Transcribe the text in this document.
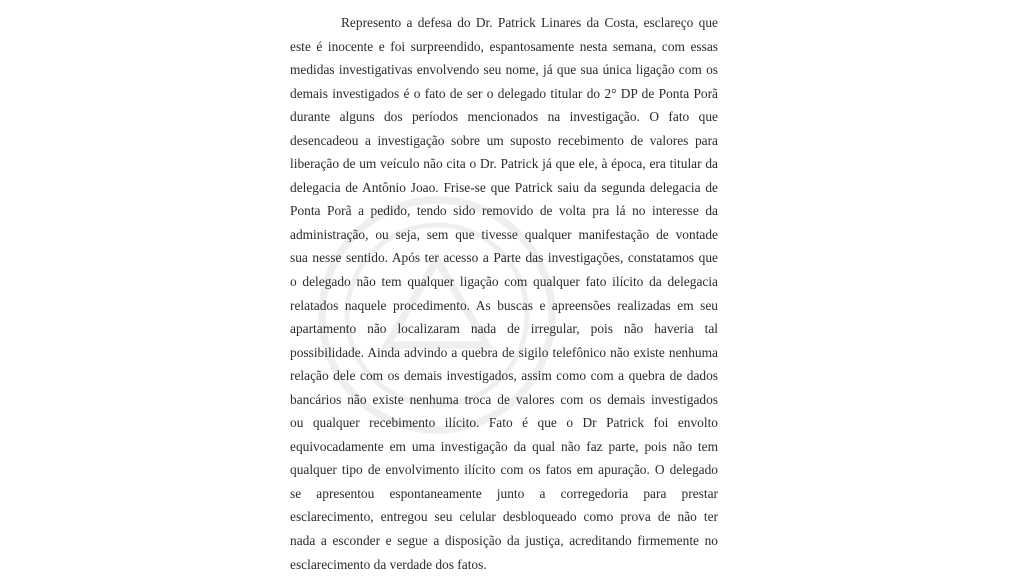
Represento a defesa do Dr. Patrick Linares da Costa, esclareço que
este é inocente e foi surpreendido, espantosamente nesta semana, com essas
medidas investigativas envolvendo seu nome, já que sua única ligação com os
demais investigados é o fato de ser o delegado titular do 2° DP de Ponta Porã
durante alguns dos períodos mencionados na investigação. O fato que
desencadeou a investigação sobre um suposto recebimento de valores para
liberação de um veículo não cita o Dr. Patrick já que ele, à época, era titular da
delegacia de Antônio Joao. Frise-se que Patrick saiu da segunda delegacia de
Ponta Porã a pedido, tendo sido removido de volta pra lá no interesse da
administração, ou seja, sem que tivesse qualquer manifestação de vontade
sua nesse sentido. Após ter acesso a Parte das investigações, constatamos que
o delegado não tem qualquer ligação com qualquer fato ilícito da delegacia
relatados naquele procedimento. As buscas e apreensões realizadas em seu
apartamento não localizaram nada de irregular, pois não haveria tal
possibilidade. Ainda advindo a quebra de sigilo telefônico não existe nenhuma
relação dele com os demais investigados, assim como com a quebra de dados
bancários não existe nenhuma troca de valores com os demais investigados
ou qualquer recebimento ilícito. Fato é que o Dr Patrick foi envolto
equivocadamente em uma investigação da qual não faz parte, pois não tem
qualquer tipo de envolvimento ilícito com os fatos em apuração. O delegado
se apresentou espontaneamente junto a corregedoria para prestar
esclarecimento, entregou seu celular desbloqueado como prova de não ter
nada a esconder e segue a disposição da justiça, acreditando firmemente no
esclarecimento da verdade dos fatos.
